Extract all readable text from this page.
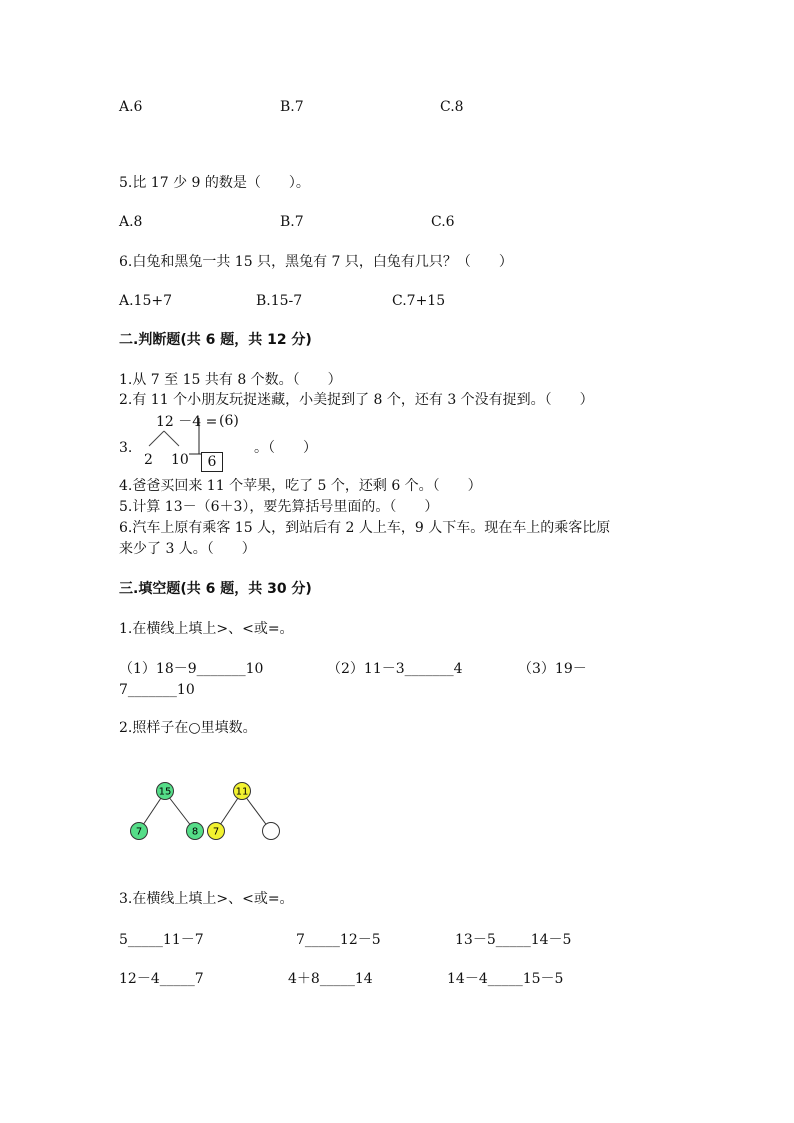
A.6	B.7	C.8
5.比 17 少 9 的数是（　　）。
A.8	B.7	C.6
6.白兔和黑兔一共 15 只，黑兔有 7 只，白兔有几只？（　　）
A.15+7	B.15-7	C.7+15
二.判断题(共 6 题，共 12 分)
1.从 7 至 15 共有 8 个数。（　　）
2.有 11 个小朋友玩捉迷藏，小美捉到了 8 个，还有 3 个没有捉到。（　　）
3.
12 －4 = (6)
2 10	6
。（　　）
4.爸爸买回来 11 个苹果，吃了 5 个，还剩 6 个。（　　）
5.计算 13－（6＋3），要先算括号里面的。（　　）
6.汽车上原有乘客 15 人，到站后有 2 人上车，9 人下车。现在车上的乘客比原
来少了 3 人。（　　）
三.填空题(共 6 题，共 30 分)
1.在横线上填上>、<或=。
（1）18－9_______10	（2）11－3_______4	（3）19－
7_______10
2.照样子在○里填数。
15
7	8
11
7
3.在横线上填上>、<或=。
5_____11－7	7_____12－5	13－5_____14－5
12－4_____7	4＋8_____14	14－4_____15－5
